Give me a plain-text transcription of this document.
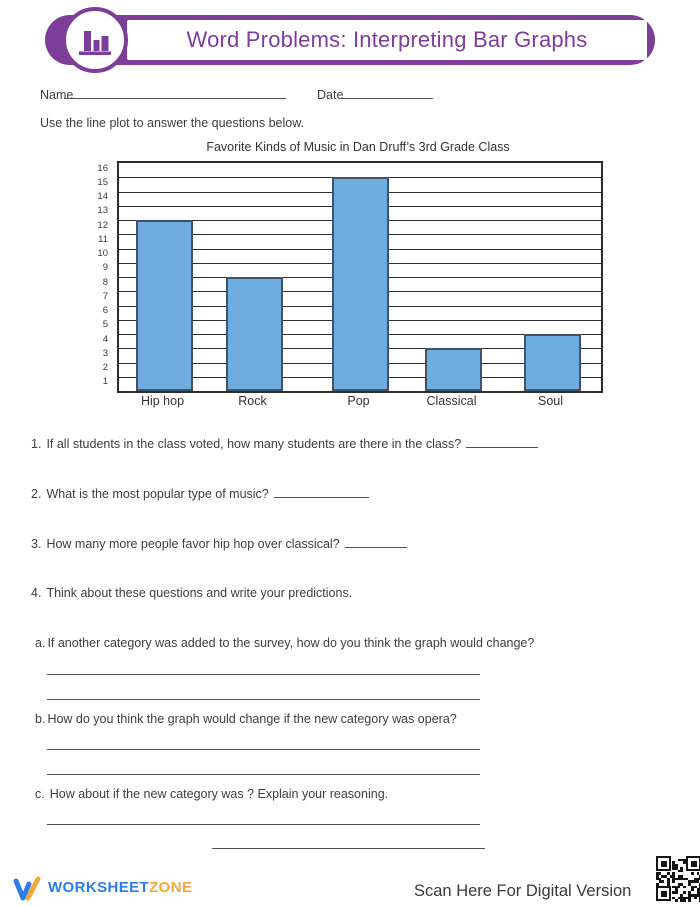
Word Problems: Interpreting Bar Graphs
Name	Date
Use the line plot to answer the questions below.
Favorite Kinds of Music in Dan Druff’s 3rd Grade Class
16
15
14
13
12
11
10
9
8
7
6
5
4
3
2
1
Hip hop	Rock	Pop	Classical	Soul
1. If all students in the class voted, how many students are there in the class?
2. What is the most popular type of music?
3. How many more people favor hip hop over classical?
4. Think about these questions and write your predictions.
a. If another category was added to the survey, how do you think the graph would change?
b. How do you think the graph would change if the new category was opera?
c. How about if the new category was ? Explain your reasoning.
WORKSHEETZONE	Scan Here For Digital Version
